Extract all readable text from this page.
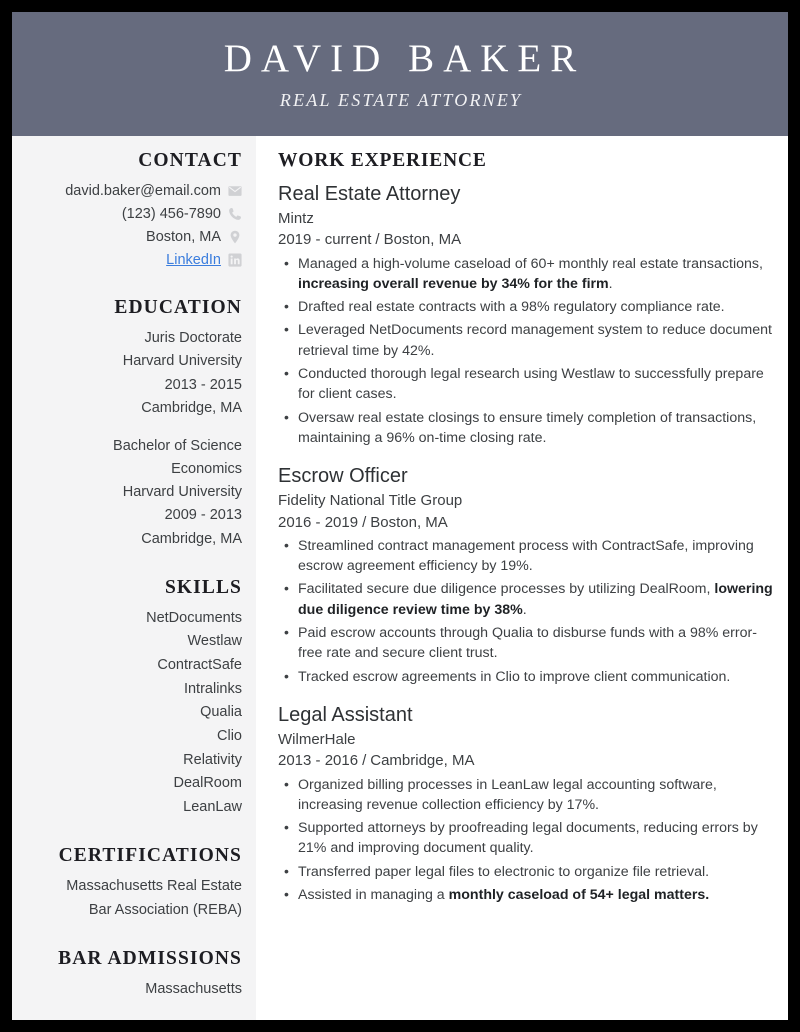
DAVID BAKER
REAL ESTATE ATTORNEY
CONTACT
david.baker@email.com
(123) 456-7890
Boston, MA
LinkedIn
EDUCATION
Juris Doctorate
Harvard University
2013 - 2015
Cambridge, MA
Bachelor of Science
Economics
Harvard University
2009 - 2013
Cambridge, MA
SKILLS
NetDocuments
Westlaw
ContractSafe
Intralinks
Qualia
Clio
Relativity
DealRoom
LeanLaw
CERTIFICATIONS
Massachusetts Real Estate
Bar Association (REBA)
BAR ADMISSIONS
Massachusetts
WORK EXPERIENCE
Real Estate Attorney
Mintz
2019 - current / Boston, MA
• Managed a high-volume caseload of 60+ monthly real estate transactions, increasing overall revenue by 34% for the firm.
• Drafted real estate contracts with a 98% regulatory compliance rate.
• Leveraged NetDocuments record management system to reduce document retrieval time by 42%.
• Conducted thorough legal research using Westlaw to successfully prepare for client cases.
• Oversaw real estate closings to ensure timely completion of transactions, maintaining a 96% on-time closing rate.
Escrow Officer
Fidelity National Title Group
2016 - 2019 / Boston, MA
• Streamlined contract management process with ContractSafe, improving escrow agreement efficiency by 19%.
• Facilitated secure due diligence processes by utilizing DealRoom, lowering due diligence review time by 38%.
• Paid escrow accounts through Qualia to disburse funds with a 98% error-free rate and secure client trust.
• Tracked escrow agreements in Clio to improve client communication.
Legal Assistant
WilmerHale
2013 - 2016 / Cambridge, MA
• Organized billing processes in LeanLaw legal accounting software, increasing revenue collection efficiency by 17%.
• Supported attorneys by proofreading legal documents, reducing errors by 21% and improving document quality.
• Transferred paper legal files to electronic to organize file retrieval.
• Assisted in managing a monthly caseload of 54+ legal matters.
